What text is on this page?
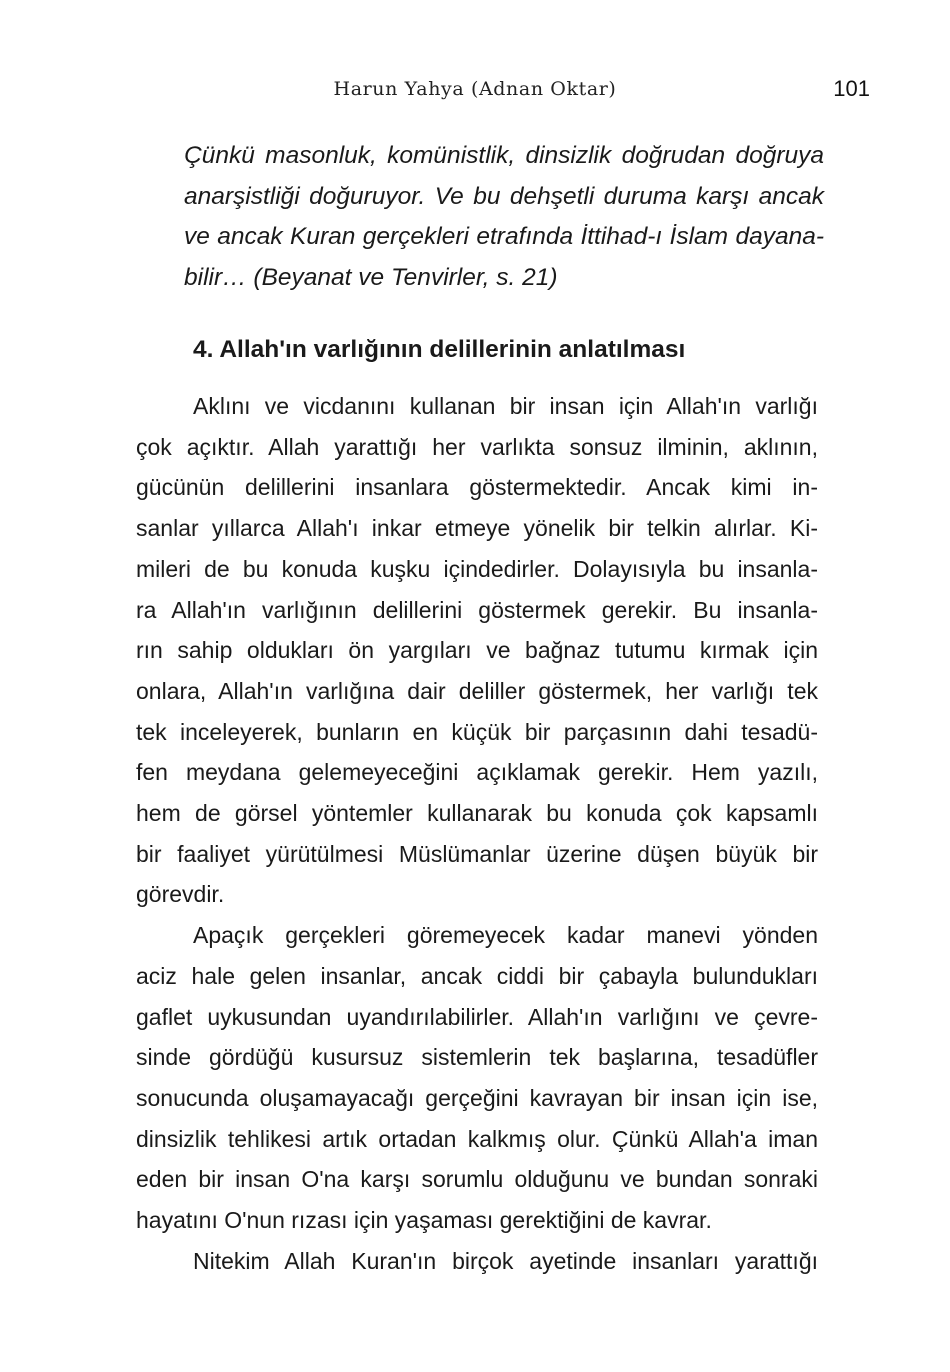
Harun Yahya (Adnan Oktar)	101
Çünkü masonluk, komünistlik, dinsizlik doğrudan doğruya
anarşistliği doğuruyor. Ve bu dehşetli duruma karşı ancak
ve ancak Kuran gerçekleri etrafında İttihad-ı İslam dayana-
bilir… (Beyanat ve Tenvirler, s. 21)
4. Allah'ın varlığının delillerinin anlatılması
Aklını ve vicdanını kullanan bir insan için Allah'ın varlığı
çok açıktır. Allah yarattığı her varlıkta sonsuz ilminin, aklının,
gücünün delillerini insanlara göstermektedir. Ancak kimi in-
sanlar yıllarca Allah'ı inkar etmeye yönelik bir telkin alırlar. Ki-
mileri de bu konuda kuşku içindedirler. Dolayısıyla bu insanla-
ra Allah'ın varlığının delillerini göstermek gerekir. Bu insanla-
rın sahip oldukları ön yargıları ve bağnaz tutumu kırmak için
onlara, Allah'ın varlığına dair deliller göstermek, her varlığı tek
tek inceleyerek, bunların en küçük bir parçasının dahi tesadü-
fen meydana gelemeyeceğini açıklamak gerekir. Hem yazılı,
hem de görsel yöntemler kullanarak bu konuda çok kapsamlı
bir faaliyet yürütülmesi Müslümanlar üzerine düşen büyük bir
görevdir.
Apaçık gerçekleri göremeyecek kadar manevi yönden
aciz hale gelen insanlar, ancak ciddi bir çabayla bulundukları
gaflet uykusundan uyandırılabilirler. Allah'ın varlığını ve çevre-
sinde gördüğü kusursuz sistemlerin tek başlarına, tesadüfler
sonucunda oluşamayacağı gerçeğini kavrayan bir insan için ise,
dinsizlik tehlikesi artık ortadan kalkmış olur. Çünkü Allah'a iman
eden bir insan O'na karşı sorumlu olduğunu ve bundan sonraki
hayatını O'nun rızası için yaşaması gerektiğini de kavrar.
Nitekim Allah Kuran'ın birçok ayetinde insanları yarattığı
